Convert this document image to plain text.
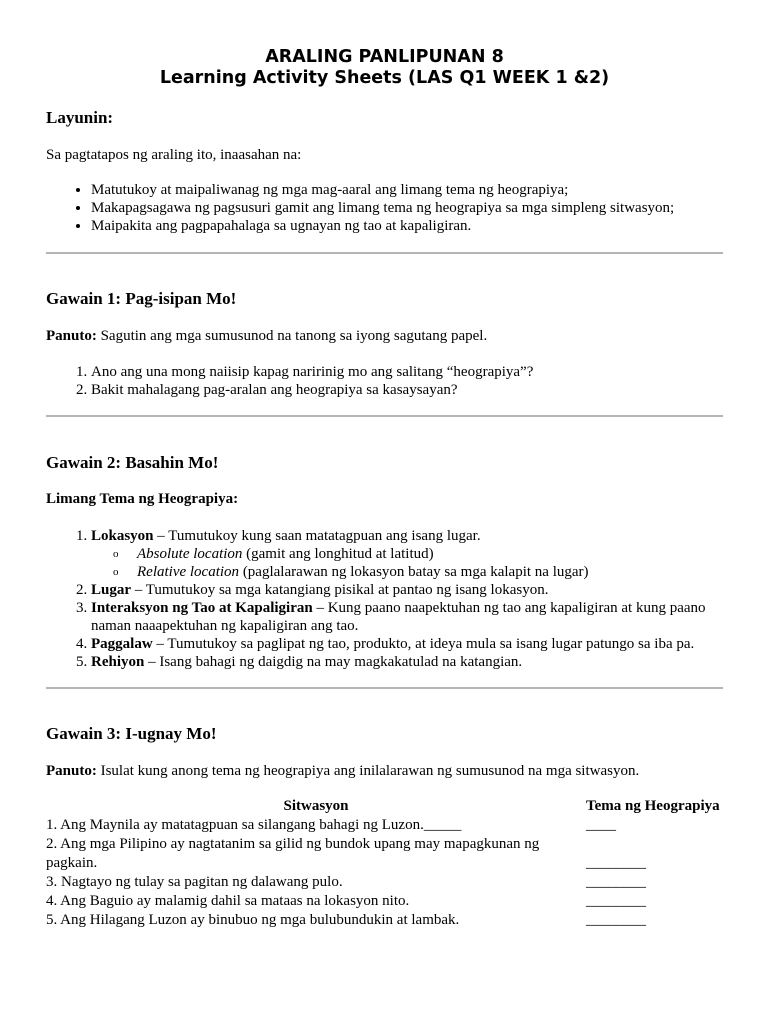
ARALING PANLIPUNAN 8

Learning Activity Sheets (LAS Q1 WEEK 1 &2)

Layunin:

Sa pagtatapos ng araling ito, inaasahan na:

• Matutukoy at maipaliwanag ng mga mag-aaral ang limang tema ng heograpiya;
• Makapagsagawa ng pagsusuri gamit ang limang tema ng heograpiya sa mga simpleng sitwasyon;
• Maipakita ang pagpapahalaga sa ugnayan ng tao at kapaligiran.

Gawain 1: Pag-isipan Mo!

Panuto: Sagutin ang mga sumusunod na tanong sa iyong sagutang papel.

1. Ano ang una mong naiisip kapag naririnig mo ang salitang “heograpiya”?
2. Bakit mahalagang pag-aralan ang heograpiya sa kasaysayan?

Gawain 2: Basahin Mo!

Limang Tema ng Heograpiya:

1. Lokasyon – Tumutukoy kung saan matatagpuan ang isang lugar.
o Absolute location (gamit ang longhitud at latitud)
o Relative location (paglalarawan ng lokasyon batay sa mga kalapit na lugar)
2. Lugar – Tumutukoy sa mga katangiang pisikal at pantao ng isang lokasyon.
3. Interaksyon ng Tao at Kapaligiran – Kung paano naapektuhan ng tao ang kapaligiran at kung paano naman naaapektuhan ng kapaligiran ang tao.
4. Paggalaw – Tumutukoy sa paglipat ng tao, produkto, at ideya mula sa isang lugar patungo sa iba pa.
5. Rehiyon – Isang bahagi ng daigdig na may magkakatulad na katangian.

Gawain 3: I-ugnay Mo!

Panuto: Isulat kung anong tema ng heograpiya ang inilalarawan ng sumusunod na mga sitwasyon.

Sitwasyon	Tema ng Heograpiya
1. Ang Maynila ay matatagpuan sa silangang bahagi ng Luzon._____	____
2. Ang mga Pilipino ay nagtatanim sa gilid ng bundok upang may mapagkunan ng pagkain.	________
3. Nagtayo ng tulay sa pagitan ng dalawang pulo.	________
4. Ang Baguio ay malamig dahil sa mataas na lokasyon nito.	________
5. Ang Hilagang Luzon ay binubuo ng mga bulubundukin at lambak.	________
